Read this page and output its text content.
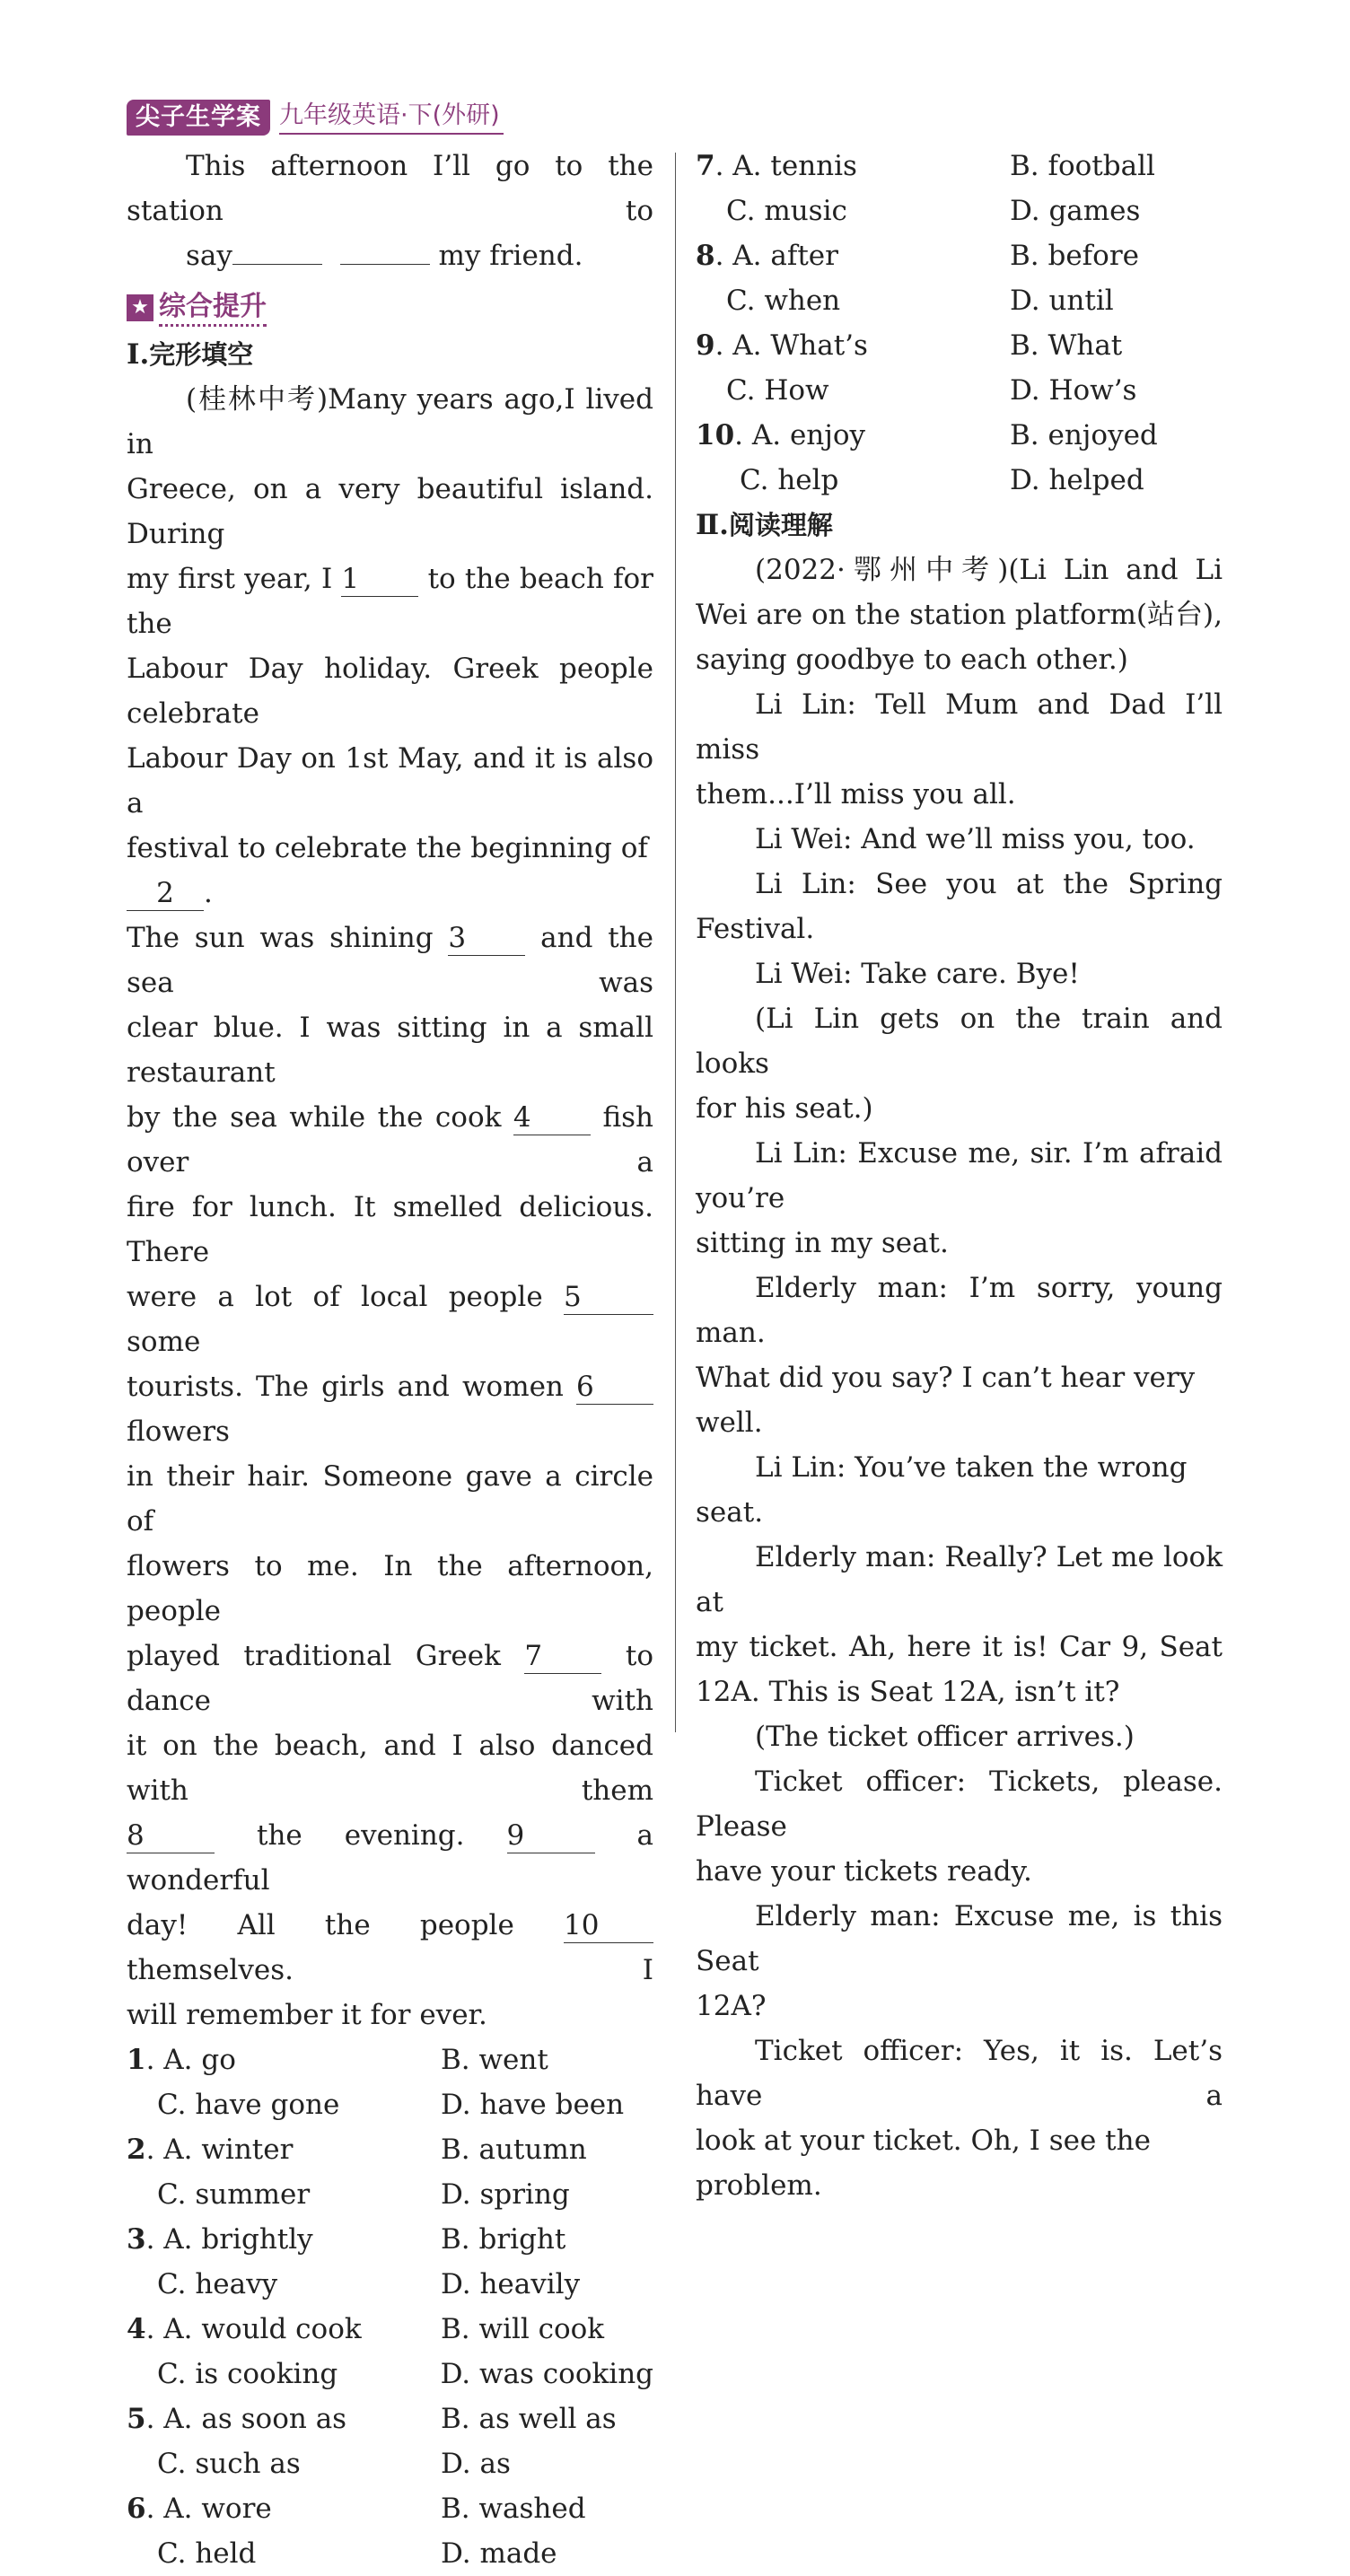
尖子生学案 九年级英语·下(外研)
This afternoon I’ll go to the station to
say	my friend.
★ 综合提升
Ⅰ.完形填空
(桂林中考)Many years ago,I lived in
Greece, on a very beautiful island. During
my first year, I 1 to the beach for the
Labour Day holiday. Greek people celebrate
Labour Day on 1st May, and it is also a
festival to celebrate the beginning of 2 .
The sun was shining 3 and the sea was
clear blue. I was sitting in a small restaurant
by the sea while the cook 4 fish over a
fire for lunch. It smelled delicious. There
were a lot of local people 5 some
tourists. The girls and women 6 flowers
in their hair. Someone gave a circle of
flowers to me. In the afternoon, people
played traditional Greek 7 to dance with
it on the beach, and I also danced with them
8	the evening. 9	a wonderful
day! All the people 10 themselves. I
will remember it for ever.
1. A. go	B. went
C. have gone	D. have been
2. A. winter	B. autumn
C. summer	D. spring
3. A. brightly	B. bright
C. heavy	D. heavily
4. A. would cook	B. will cook
C. is cooking	D. was cooking
5. A. as soon as	B. as well as
C. such as	D. as
6. A. wore	B. washed
C. held	D. made
7. A. tennis	B. football
C. music	D. games
8. A. after	B. before
C. when	D. until
9. A. What’s	B. What
C. How	D. How’s
10. A. enjoy	B. enjoyed
C. help	D. helped
Ⅱ.阅读理解
(2022·鄂州中考)(Li Lin and Li
Wei are on the station platform(站台),
saying goodbye to each other.)
Li Lin: Tell Mum and Dad I’ll miss
them...I’ll miss you all.
Li Wei: And we’ll miss you, too.
Li Lin: See you at the Spring
Festival.
Li Wei: Take care. Bye!
(Li Lin gets on the train and looks
for his seat.)
Li Lin: Excuse me, sir. I’m afraid you’re
sitting in my seat.
Elderly man: I’m sorry, young man.
What did you say? I can’t hear very well.
Li Lin: You’ve taken the wrong seat.
Elderly man: Really? Let me look at
my ticket. Ah, here it is! Car 9, Seat
12A. This is Seat 12A, isn’t it?
(The ticket officer arrives.)
Ticket officer: Tickets, please. Please
have your tickets ready.
Elderly man: Excuse me, is this Seat
12A?
Ticket officer: Yes, it is. Let’s have a
look at your ticket. Oh, I see the problem.
